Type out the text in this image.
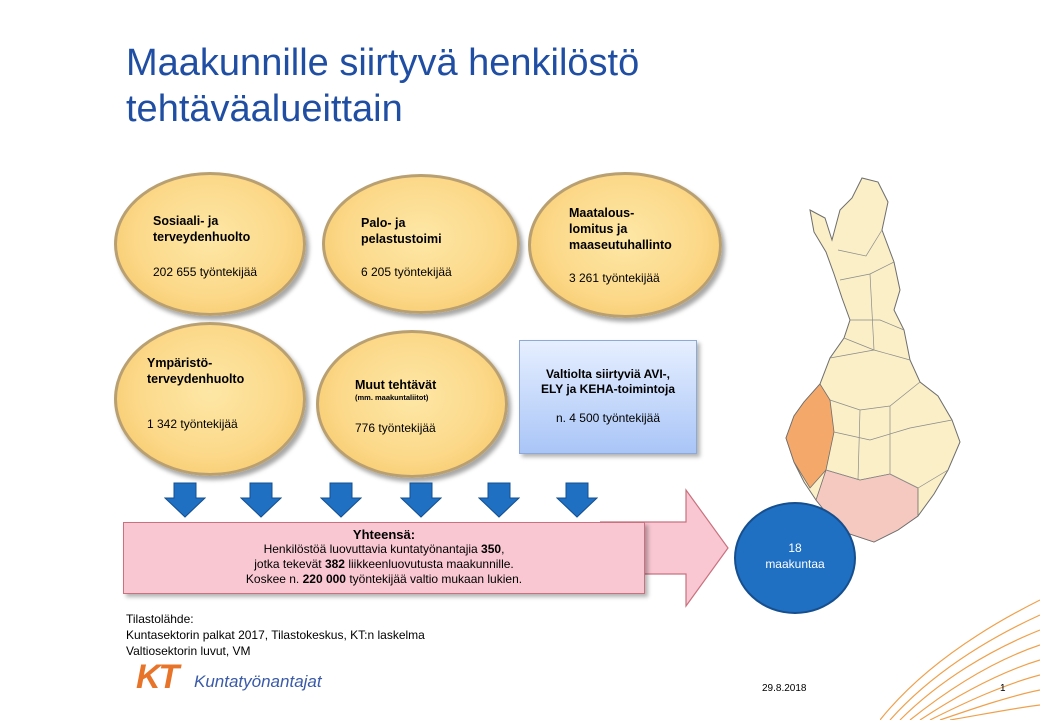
Maakunnille siirtyvä henkilöstö
tehtäväalueittain
Sosiaali- ja
terveydenhuolto
202 655 työntekijää
Palo- ja
pelastustoimi
6 205 työntekijää
Maatalous-
lomitus ja
maaseutuhallinto
3 261 työntekijää
Ympäristö-
terveydenhuolto
1 342 työntekijää
Muut tehtävät
(mm. maakuntaliitot)
776 työntekijää
Valtiolta siirtyviä AVI-,
ELY ja KEHA-toimintoja
n. 4 500 työntekijää
Yhteensä:
Henkilöstöä luovuttavia kuntatyönantajia 350,
jotka tekevät 382 liikkeenluovutusta maakunnille.
Koskee n. 220 000 työntekijää valtio mukaan lukien.
18
maakuntaa
Tilastolähde:
Kuntasektorin palkat 2017, Tilastokeskus, KT:n laskelma
Valtiosektorin luvut, VM
KT Kuntatyönantajat	29.8.2018	1
